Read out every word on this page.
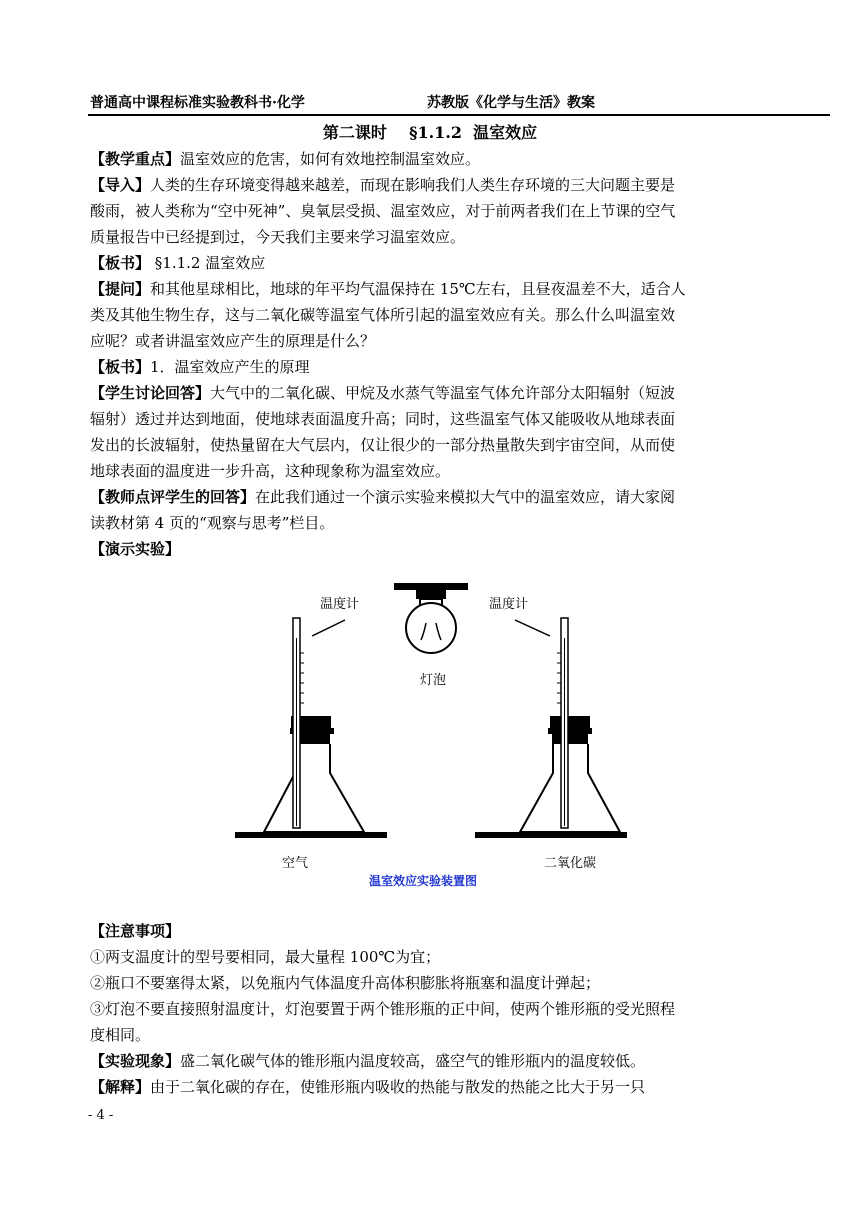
普通高中课程标准实验教科书·化学	苏教版《化学与生活》教案
第二课时    §1.1.2  温室效应
【教学重点】温室效应的危害，如何有效地控制温室效应。
【导入】人类的生存环境变得越来越差，而现在影响我们人类生存环境的三大问题主要是
酸雨，被人类称为“空中死神”、臭氧层受损、温室效应，对于前两者我们在上节课的空气
质量报告中已经提到过，今天我们主要来学习温室效应。
【板书】 §1.1.2 温室效应
【提问】和其他星球相比，地球的年平均气温保持在 15℃左右，且昼夜温差不大，适合人
类及其他生物生存，这与二氧化碳等温室气体所引起的温室效应有关。那么什么叫温室效
应呢？或者讲温室效应产生的原理是什么？
【板书】1．温室效应产生的原理
【学生讨论回答】大气中的二氧化碳、甲烷及水蒸气等温室气体允许部分太阳辐射（短波
辐射）透过并达到地面，使地球表面温度升高；同时，这些温室气体又能吸收从地球表面
发出的长波辐射，使热量留在大气层内，仅让很少的一部分热量散失到宇宙空间，从而使
地球表面的温度进一步升高，这种现象称为温室效应。
【教师点评学生的回答】在此我们通过一个演示实验来模拟大气中的温室效应，请大家阅
读教材第 4 页的“观察与思考”栏目。
【演示实验】
温度计	温度计
灯泡
空气	二氧化碳
温室效应实验装置图
【注意事项】
①两支温度计的型号要相同，最大量程 100℃为宜；
②瓶口不要塞得太紧，以免瓶内气体温度升高体积膨胀将瓶塞和温度计弹起；
③灯泡不要直接照射温度计，灯泡要置于两个锥形瓶的正中间，使两个锥形瓶的受光照程
度相同。
【实验现象】盛二氧化碳气体的锥形瓶内温度较高，盛空气的锥形瓶内的温度较低。
【解释】由于二氧化碳的存在，使锥形瓶内吸收的热能与散发的热能之比大于另一只
- 4 -
